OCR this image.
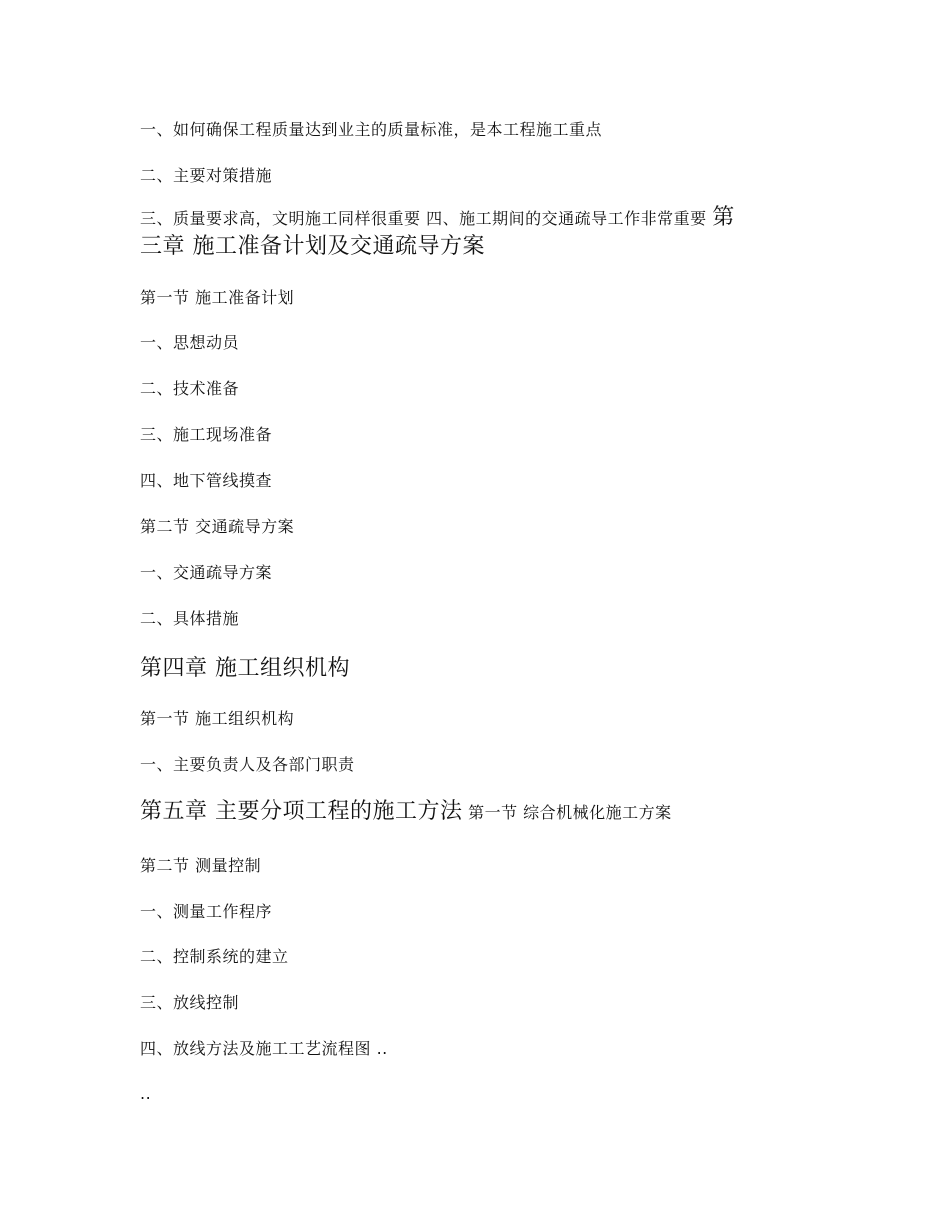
一、如何确保工程质量达到业主的质量标准，是本工程施工重点
二、主要对策措施
三、质量要求高，文明施工同样很重要 四、施工期间的交通疏导工作非常重要 第
三章 施工准备计划及交通疏导方案
第一节 施工准备计划
一、思想动员
二、技术准备
三、施工现场准备
四、地下管线摸查
第二节 交通疏导方案
一、交通疏导方案
二、具体措施
第四章 施工组织机构
第一节 施工组织机构
一、主要负责人及各部门职责
第五章 主要分项工程的施工方法 第一节 综合机械化施工方案
第二节 测量控制
一、测量工作程序
二、控制系统的建立
三、放线控制
四、放线方法及施工工艺流程图 ..
..
